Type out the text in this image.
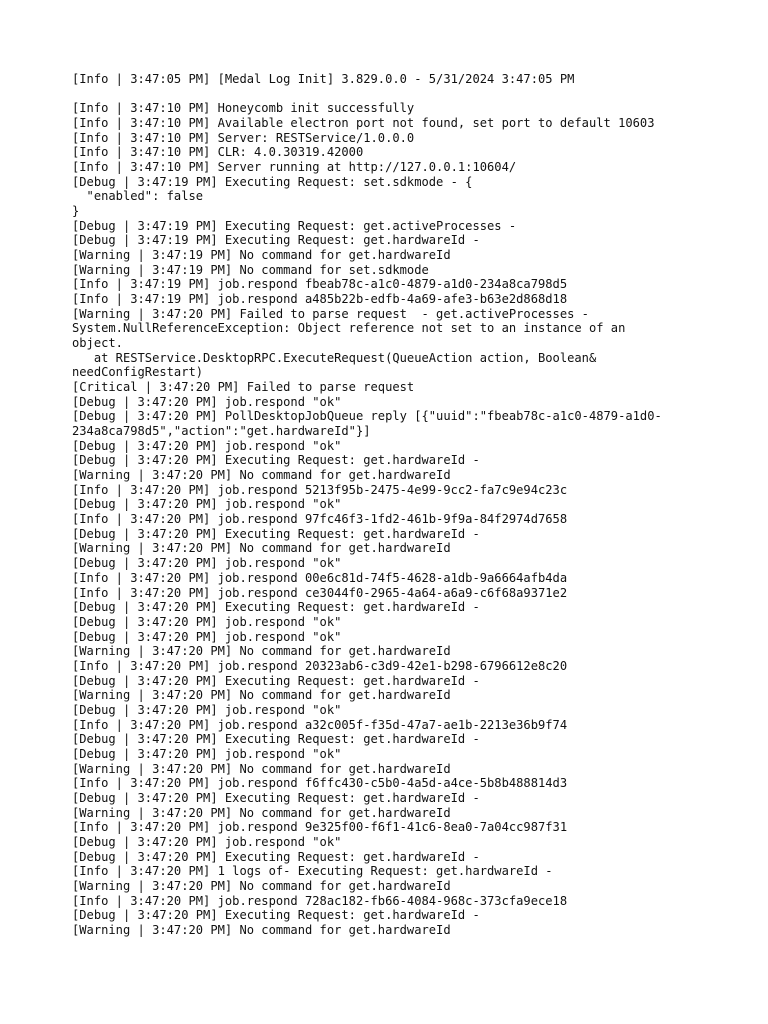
[Info | 3:47:05 PM] [Medal Log Init] 3.829.0.0 - 5/31/2024 3:47:05 PM
[Info | 3:47:10 PM] Honeycomb init successfully
[Info | 3:47:10 PM] Available electron port not found, set port to default 10603
[Info | 3:47:10 PM] Server: RESTService/1.0.0.0
[Info | 3:47:10 PM] CLR: 4.0.30319.42000
[Info | 3:47:10 PM] Server running at http://127.0.0.1:10604/
[Debug | 3:47:19 PM] Executing Request: set.sdkmode - {
"enabled": false
}
[Debug | 3:47:19 PM] Executing Request: get.activeProcesses -
[Debug | 3:47:19 PM] Executing Request: get.hardwareId -
[Warning | 3:47:19 PM] No command for get.hardwareId
[Warning | 3:47:19 PM] No command for set.sdkmode
[Info | 3:47:19 PM] job.respond fbeab78c-a1c0-4879-a1d0-234a8ca798d5
[Info | 3:47:19 PM] job.respond a485b22b-edfb-4a69-afe3-b63e2d868d18
[Warning | 3:47:20 PM] Failed to parse request  - get.activeProcesses -
System.NullReferenceException: Object reference not set to an instance of an
object.
at RESTService.DesktopRPC.ExecuteRequest(QueueAction action, Boolean&
needConfigRestart)
[Critical | 3:47:20 PM] Failed to parse request
[Debug | 3:47:20 PM] job.respond "ok"
[Debug | 3:47:20 PM] PollDesktopJobQueue reply [{"uuid":"fbeab78c-a1c0-4879-a1d0-
234a8ca798d5","action":"get.hardwareId"}]
[Debug | 3:47:20 PM] job.respond "ok"
[Debug | 3:47:20 PM] Executing Request: get.hardwareId -
[Warning | 3:47:20 PM] No command for get.hardwareId
[Info | 3:47:20 PM] job.respond 5213f95b-2475-4e99-9cc2-fa7c9e94c23c
[Debug | 3:47:20 PM] job.respond "ok"
[Info | 3:47:20 PM] job.respond 97fc46f3-1fd2-461b-9f9a-84f2974d7658
[Debug | 3:47:20 PM] Executing Request: get.hardwareId -
[Warning | 3:47:20 PM] No command for get.hardwareId
[Debug | 3:47:20 PM] job.respond "ok"
[Info | 3:47:20 PM] job.respond 00e6c81d-74f5-4628-a1db-9a6664afb4da
[Info | 3:47:20 PM] job.respond ce3044f0-2965-4a64-a6a9-c6f68a9371e2
[Debug | 3:47:20 PM] Executing Request: get.hardwareId -
[Debug | 3:47:20 PM] job.respond "ok"
[Debug | 3:47:20 PM] job.respond "ok"
[Warning | 3:47:20 PM] No command for get.hardwareId
[Info | 3:47:20 PM] job.respond 20323ab6-c3d9-42e1-b298-6796612e8c20
[Debug | 3:47:20 PM] Executing Request: get.hardwareId -
[Warning | 3:47:20 PM] No command for get.hardwareId
[Debug | 3:47:20 PM] job.respond "ok"
[Info | 3:47:20 PM] job.respond a32c005f-f35d-47a7-ae1b-2213e36b9f74
[Debug | 3:47:20 PM] Executing Request: get.hardwareId -
[Debug | 3:47:20 PM] job.respond "ok"
[Warning | 3:47:20 PM] No command for get.hardwareId
[Info | 3:47:20 PM] job.respond f6ffc430-c5b0-4a5d-a4ce-5b8b488814d3
[Debug | 3:47:20 PM] Executing Request: get.hardwareId -
[Warning | 3:47:20 PM] No command for get.hardwareId
[Info | 3:47:20 PM] job.respond 9e325f00-f6f1-41c6-8ea0-7a04cc987f31
[Debug | 3:47:20 PM] job.respond "ok"
[Debug | 3:47:20 PM] Executing Request: get.hardwareId -
[Info | 3:47:20 PM] 1 logs of- Executing Request: get.hardwareId -
[Warning | 3:47:20 PM] No command for get.hardwareId
[Info | 3:47:20 PM] job.respond 728ac182-fb66-4084-968c-373cfa9ece18
[Debug | 3:47:20 PM] Executing Request: get.hardwareId -
[Warning | 3:47:20 PM] No command for get.hardwareId
